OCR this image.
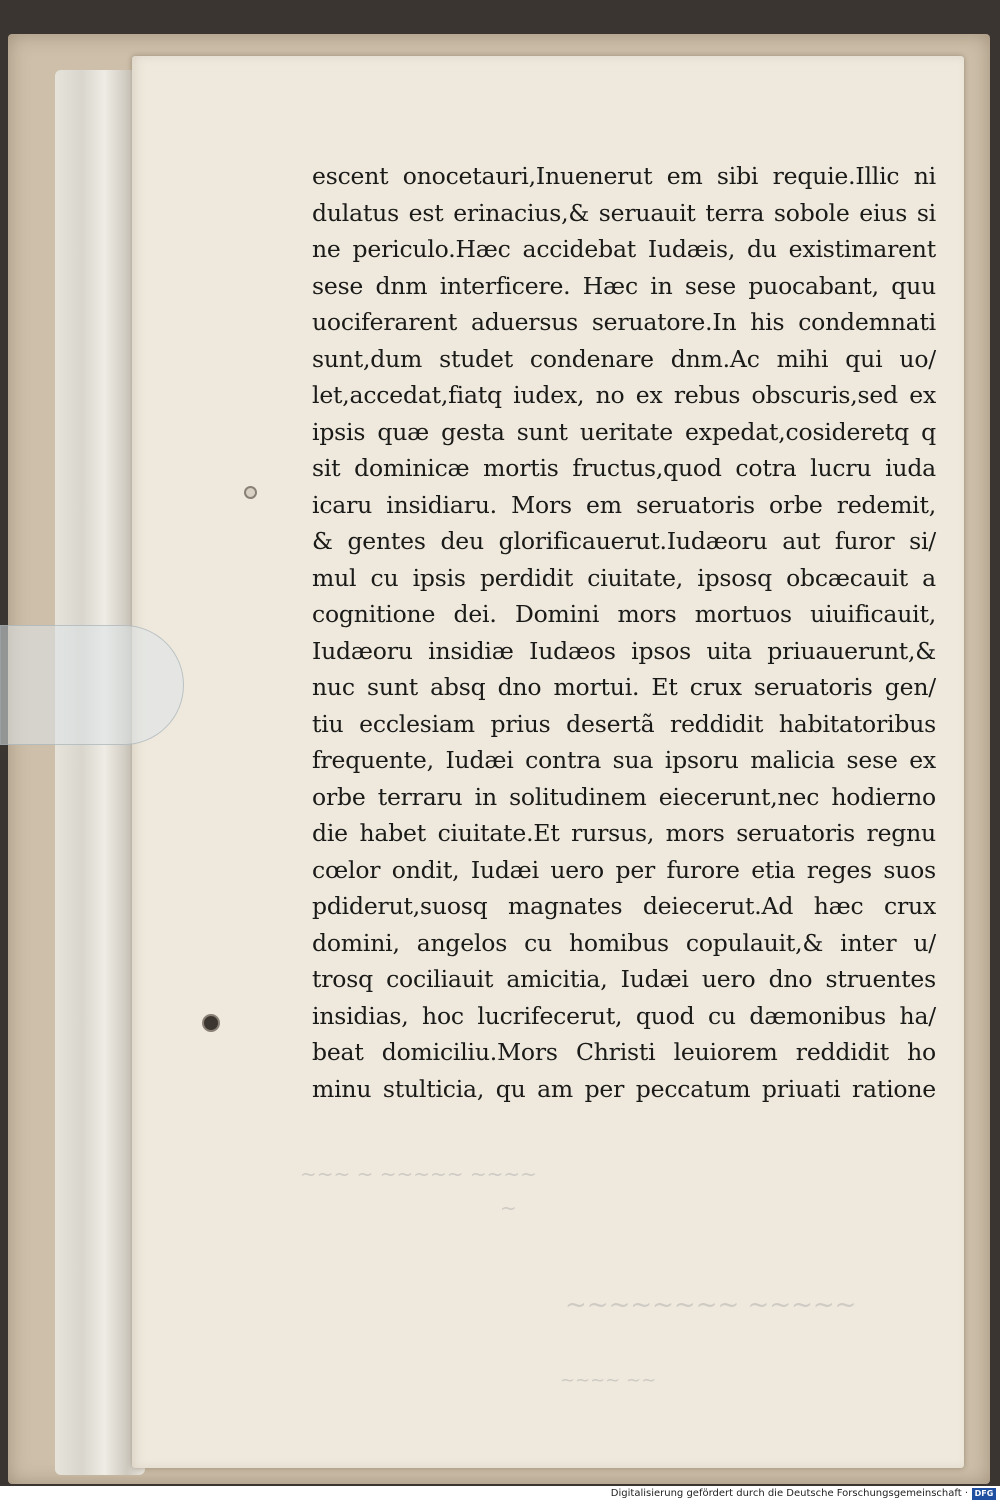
~~~ ~ ~~~~~ ~~~~
~
~~~~~~~~ ~~~~~
~~~~ ~~
escent onocetauri,Inuenerut em sibi requie.Illic ni
dulatus est erinacius,& seruauit terra sobole eius si
ne periculo.Hæc accidebat Iudæis, du existimarent
sese dnm interficere. Hæc in sese puocabant, quu
uociferarent aduersus seruatore.In his condemnati
sunt,dum studet condenare dnm.Ac mihi qui uo/
let,accedat,fiatq iudex, no ex rebus obscuris,sed ex
ipsis quæ gesta sunt ueritate expedat,cosideretq q
sit dominicæ mortis fructus,quod cotra lucru iuda
icaru insidiaru. Mors em seruatoris orbe redemit,
& gentes deu glorificauerut.Iudæoru aut furor si/
mul cu ipsis perdidit ciuitate, ipsosq obcæcauit a
cognitione dei. Domini mors mortuos uiuificauit,
Iudæoru insidiæ Iudæos ipsos uita priuauerunt,&
nuc sunt absq dno mortui. Et crux seruatoris gen/
tiu ecclesiam prius desertã reddidit habitatoribus
frequente, Iudæi contra sua ipsoru malicia sese ex
orbe terraru in solitudinem eiecerunt,nec hodierno
die habet ciuitate.Et rursus, mors seruatoris regnu
cœlor ondit, Iudæi uero per furore etia reges suos
pdiderut,suosq magnates deiecerut.Ad hæc crux
domini, angelos cu homibus copulauit,& inter u/
trosq cociliauit amicitia, Iudæi uero dno struentes
insidias, hoc lucrifecerut, quod cu dæmonibus ha/
beat domiciliu.Mors Christi leuiorem reddidit ho
minu stulticia, qu am per peccatum priuati ratione
Digitalisierung gefördert durch die Deutsche Forschungsgemeinschaft · DFG
